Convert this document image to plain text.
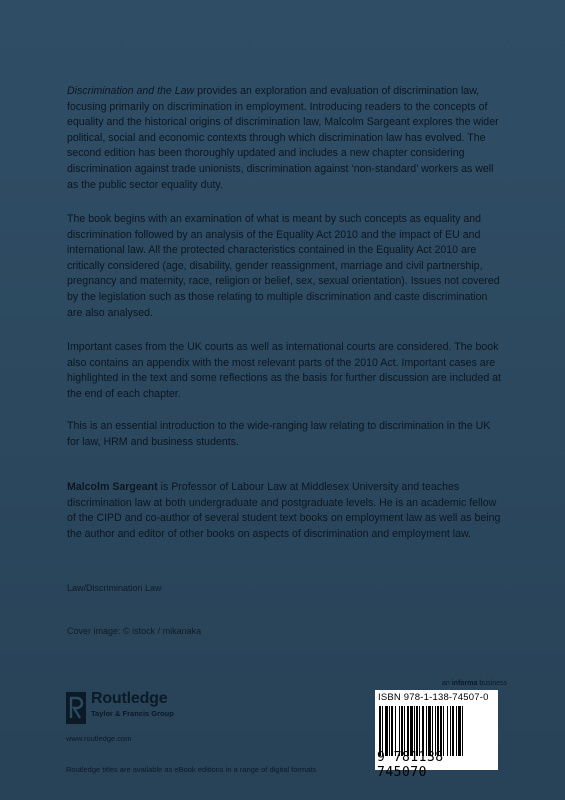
Discrimination and the Law provides an exploration and evaluation of discrimination law, focusing primarily on discrimination in employment. Introducing readers to the concepts of equality and the historical origins of discrimination law, Malcolm Sargeant explores the wider political, social and economic contexts through which discrimination law has evolved. The second edition has been thoroughly updated and includes a new chapter considering discrimination against trade unionists, discrimination against ‘non-standard’ workers as well as the public sector equality duty.
The book begins with an examination of what is meant by such concepts as equality and discrimination followed by an analysis of the Equality Act 2010 and the impact of EU and international law. All the protected characteristics contained in the Equality Act 2010 are critically considered (age, disability, gender reassignment, marriage and civil partnership, pregnancy and maternity, race, religion or belief, sex, sexual orientation). Issues not covered by the legislation such as those relating to multiple discrimination and caste discrimination are also analysed.
Important cases from the UK courts as well as international courts are considered. The book also contains an appendix with the most relevant parts of the 2010 Act. Important cases are highlighted in the text and some reflections as the basis for further discussion are included at the end of each chapter.
This is an essential introduction to the wide-ranging law relating to discrimination in the UK for law, HRM and business students.
Malcolm Sargeant is Professor of Labour Law at Middlesex University and teaches discrimination law at both undergraduate and postgraduate levels. He is an academic fellow of the CIPD and co-author of several student text books on employment law as well as being the author and editor of other books on aspects of discrimination and employment law.
Law/Discrimination Law
Cover image: © istock / mikanaka
Routledge
Taylor & Francis Group
www.routledge.com
Routledge titles are available as eBook editions in a range of digital formats
an informa business
ISBN 978-1-138-74507-0
9 781138 745070
